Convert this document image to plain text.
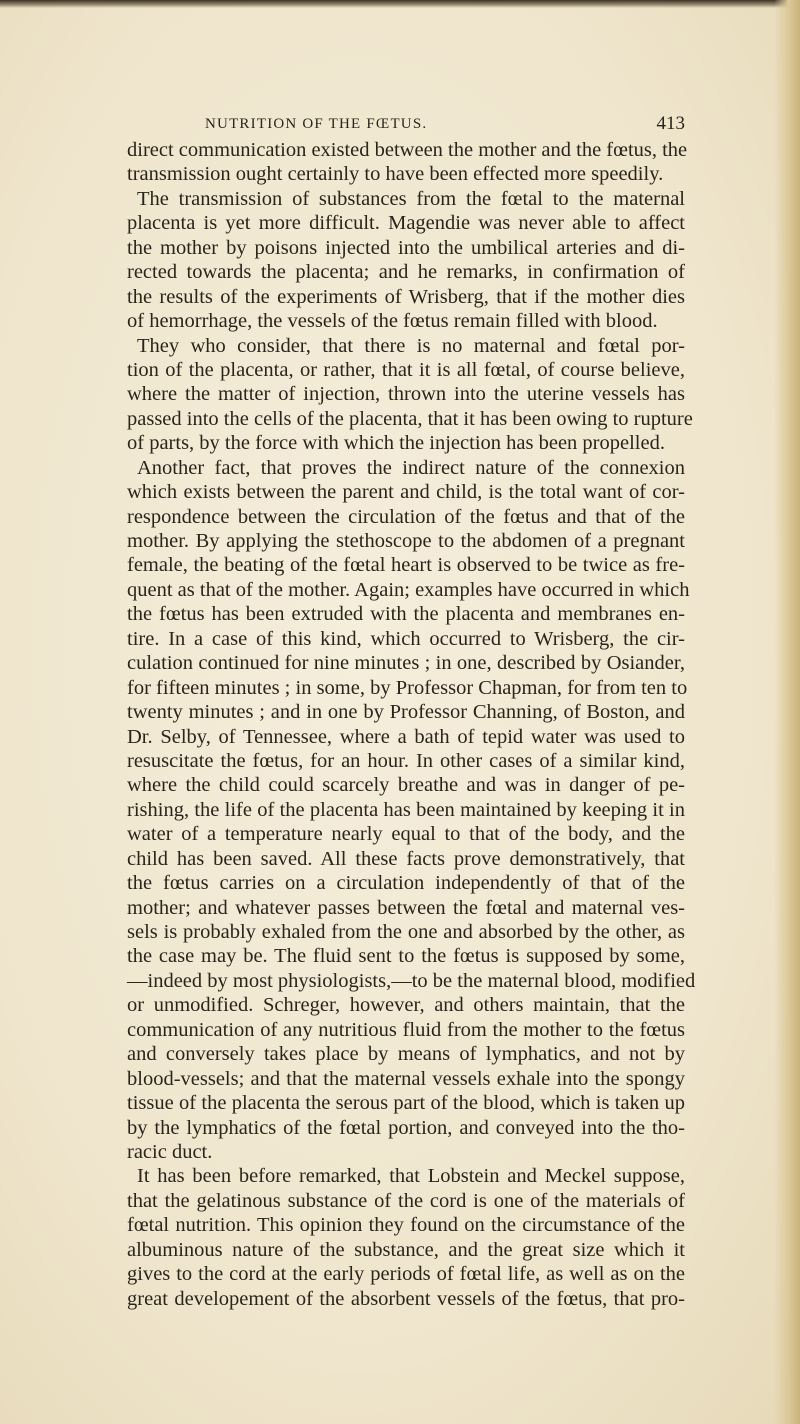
NUTRITION OF THE FŒTUS.	413
direct communication existed between the mother and the fœtus, the
transmission ought certainly to have been effected more speedily.
The transmission of substances from the fœtal to the maternal
placenta is yet more difficult. Magendie was never able to affect
the mother by poisons injected into the umbilical arteries and di-
rected towards the placenta; and he remarks, in confirmation of
the results of the experiments of Wrisberg, that if the mother dies
of hemorrhage, the vessels of the fœtus remain filled with blood.
They who consider, that there is no maternal and fœtal por-
tion of the placenta, or rather, that it is all fœtal, of course believe,
where the matter of injection, thrown into the uterine vessels has
passed into the cells of the placenta, that it has been owing to rupture
of parts, by the force with which the injection has been propelled.
Another fact, that proves the indirect nature of the connexion
which exists between the parent and child, is the total want of cor-
respondence between the circulation of the fœtus and that of the
mother. By applying the stethoscope to the abdomen of a pregnant
female, the beating of the fœtal heart is observed to be twice as fre-
quent as that of the mother. Again; examples have occurred in which
the fœtus has been extruded with the placenta and membranes en-
tire. In a case of this kind, which occurred to Wrisberg, the cir-
culation continued for nine minutes ; in one, described by Osiander,
for fifteen minutes ; in some, by Professor Chapman, for from ten to
twenty minutes ; and in one by Professor Channing, of Boston, and
Dr. Selby, of Tennessee, where a bath of tepid water was used to
resuscitate the fœtus, for an hour. In other cases of a similar kind,
where the child could scarcely breathe and was in danger of pe-
rishing, the life of the placenta has been maintained by keeping it in
water of a temperature nearly equal to that of the body, and the
child has been saved. All these facts prove demonstratively, that
the fœtus carries on a circulation independently of that of the
mother; and whatever passes between the fœtal and maternal ves-
sels is probably exhaled from the one and absorbed by the other, as
the case may be. The fluid sent to the fœtus is supposed by some,
—indeed by most physiologists,—to be the maternal blood, modified
or unmodified. Schreger, however, and others maintain, that the
communication of any nutritious fluid from the mother to the fœtus
and conversely takes place by means of lymphatics, and not by
blood-vessels; and that the maternal vessels exhale into the spongy
tissue of the placenta the serous part of the blood, which is taken up
by the lymphatics of the fœtal portion, and conveyed into the tho-
racic duct.
It has been before remarked, that Lobstein and Meckel suppose,
that the gelatinous substance of the cord is one of the materials of
fœtal nutrition. This opinion they found on the circumstance of the
albuminous nature of the substance, and the great size which it
gives to the cord at the early periods of fœtal life, as well as on the
great developement of the absorbent vessels of the fœtus, that pro-
